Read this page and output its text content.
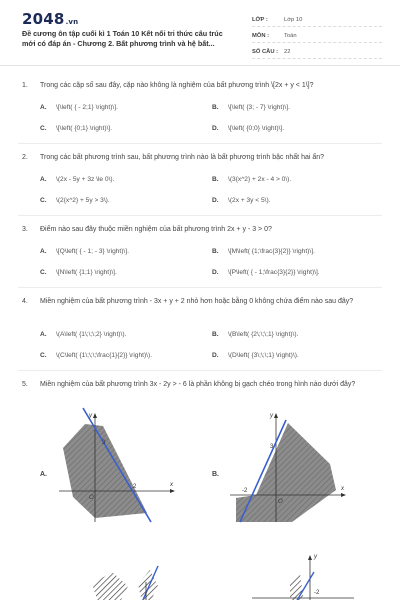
2048.vn
Đề cương ôn tập cuối kì 1 Toán 10 Kết nối tri thức câu trúc mới có đáp án - Chương 2. Bất phương trình và hệ bất...
LỚP :	Lớp 10
MÔN :	Toán
SỐ CÂU : 22
1. Trong các cặp số sau đây, cặp nào không là nghiệm của bất phương trình \[2x + y < 1\]?
A. \[\left( { - 2;1} \right)\].	B. \[\left( {3; - 7} \right)\].
C. \[\left( {0;1} \right)\].	D. \[\left( {0;0} \right)\].
2. Trong các bất phương trình sau, bất phương trình nào là bất phương trình bậc nhất hai ẩn?
A. \(2x - 5y + 3z \le 0\).	B. \(3{x^2} + 2x - 4 > 0\).
C. \(2{x^2} + 5y > 3\).	D. \(2x + 3y < 5\).
3. Điểm nào sau đây thuộc miền nghiệm của bất phương trình 2x + y - 3 > 0?
A. \[Q\left( { - 1; - 3} \right)\].	B. \[M\left( {1;\frac{3}{2}} \right)\].
C. \[N\left( {1;1} \right)\].	D. \[P\left( { - 1;\frac{3}{2}} \right)\].
4. Miền nghiệm của bất phương trình - 3x + y + 2 nhỏ hơn hoặc bằng 0 không chứa điểm nào sau đây?
A. \(A\left( {1\;\;\;2} \right)\).	B. \(B\left( {2\;\;\;1} \right)\).
C. \(C\left( {1\;\;\;\frac{1}{2}} \right)\).	D. \(D\left( {3\;\;\;1} \right)\).
5. Miền nghiệm của bất phương trình 3x - 2y > - 6 là phần không bị gạch chéo trong hình nào dưới đây?
A.
y
x
O
3
2
B.
y
x
O
3
-2
y
-2
